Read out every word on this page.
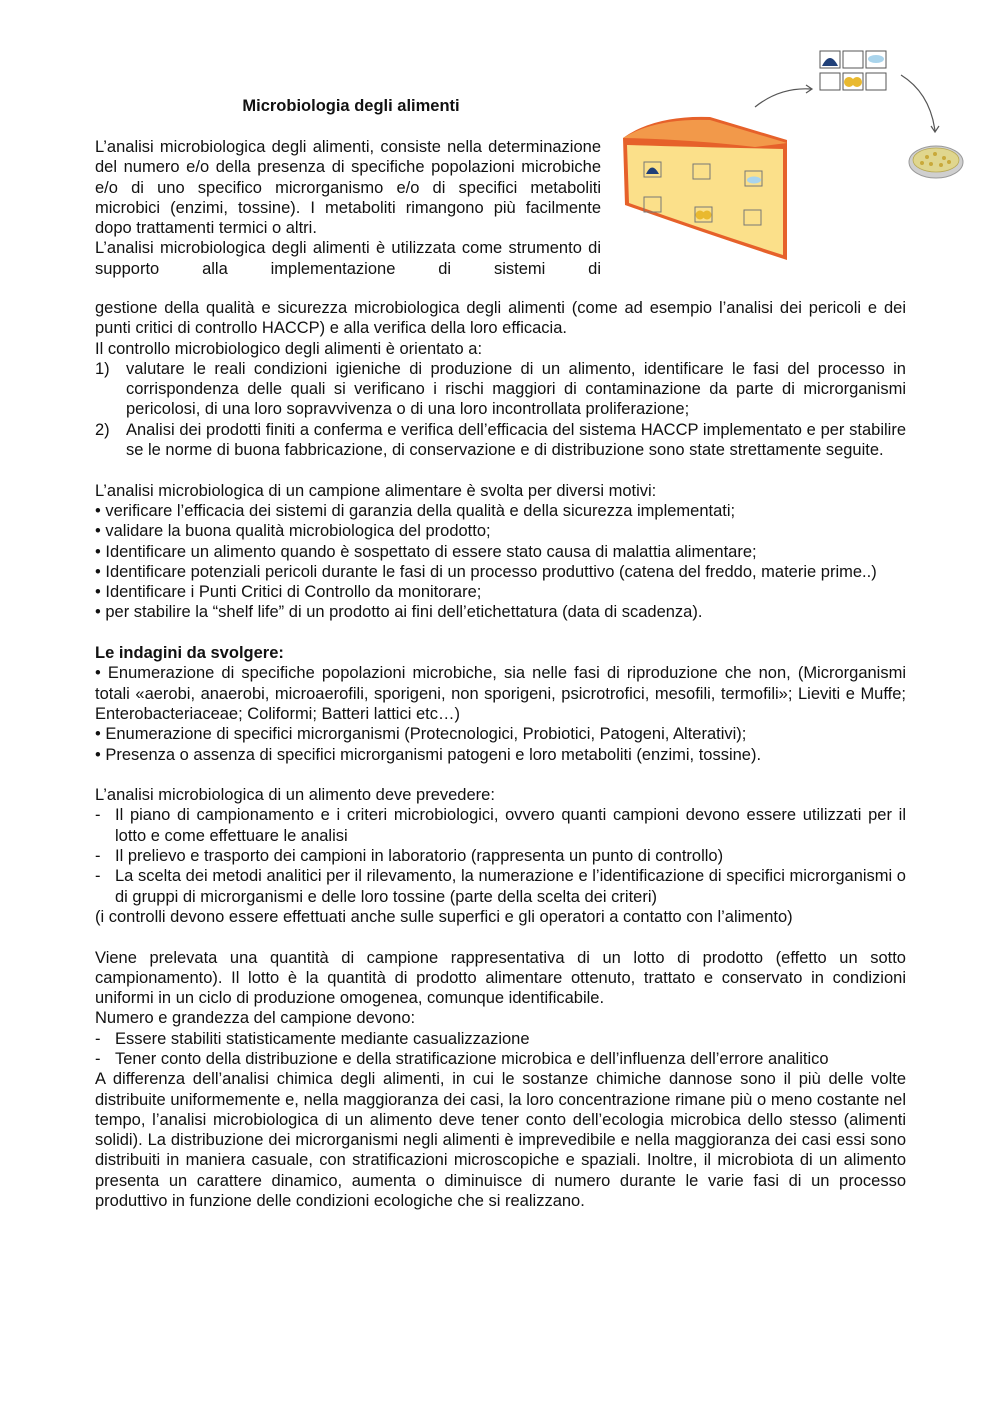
Microbiologia degli alimenti

L’analisi microbiologica degli alimenti, consiste nella determinazione del numero e/o della presenza di specifiche popolazioni microbiche e/o di uno specifico microrganismo e/o di specifici metaboliti microbici (enzimi, tossine). I metaboliti rimangono più facilmente dopo trattamenti termici o altri.

L’analisi microbiologica degli alimenti è utilizzata come strumento di supporto alla implementazione di sistemi di

gestione della qualità e sicurezza microbiologica degli alimenti (come ad esempio l’analisi dei pericoli e dei punti critici di controllo HACCP) e alla verifica della loro efficacia.

Il controllo microbiologico degli alimenti è orientato a:

1) valutare le reali condizioni igieniche di produzione di un alimento, identificare le fasi del processo in corrispondenza delle quali si verificano i rischi maggiori di contaminazione da parte di microrganismi pericolosi, di una loro sopravvivenza o di una loro incontrollata proliferazione;
2) Analisi dei prodotti finiti a conferma e verifica dell’efficacia del sistema HACCP implementato e per stabilire se le norme di buona fabbricazione, di conservazione e di distribuzione sono state strettamente seguite.

L’analisi microbiologica di un campione alimentare è svolta per diversi motivi:

• verificare l’efficacia dei sistemi di garanzia della qualità e della sicurezza implementati;

• validare la buona qualità microbiologica del prodotto;

• Identificare un alimento quando è sospettato di essere stato causa di malattia alimentare;

• Identificare potenziali pericoli durante le fasi di un processo produttivo (catena del freddo, materie prime..)

• Identificare i Punti Critici di Controllo da monitorare;

• per stabilire la “shelf life” di un prodotto ai fini dell’etichettatura (data di scadenza).

Le indagini da svolgere:

• Enumerazione di specifiche popolazioni microbiche, sia nelle fasi di riproduzione che non, (Microrganismi totali «aerobi, anaerobi, microaerofili, sporigeni, non sporigeni, psicrotrofici, mesofili, termofili»; Lieviti e Muffe; Enterobacteriaceae; Coliformi; Batteri lattici etc…)

• Enumerazione di specifici microrganismi (Protecnologici, Probiotici, Patogeni, Alterativi);

• Presenza o assenza di specifici microrganismi patogeni e loro metaboliti (enzimi, tossine).

L’analisi microbiologica di un alimento deve prevedere:

- Il piano di campionamento e i criteri microbiologici, ovvero quanti campioni devono essere utilizzati per il lotto e come effettuare le analisi
- Il prelievo e trasporto dei campioni in laboratorio (rappresenta un punto di controllo)
- La scelta dei metodi analitici per il rilevamento, la numerazione e l’identificazione di specifici microrganismi o di gruppi di microrganismi e delle loro tossine (parte della scelta dei criteri)

(i controlli devono essere effettuati anche sulle superfici e gli operatori a contatto con l’alimento)

Viene prelevata una quantità di campione rappresentativa di un lotto di prodotto (effetto un sotto campionamento). Il lotto è la quantità di prodotto alimentare ottenuto, trattato e conservato in condizioni uniformi in un ciclo di produzione omogenea, comunque identificabile.

Numero e grandezza del campione devono:

- Essere stabiliti statisticamente mediante casualizzazione
- Tener conto della distribuzione e della stratificazione microbica e dell’influenza dell’errore analitico

A differenza dell’analisi chimica degli alimenti, in cui le sostanze chimiche dannose sono il più delle volte distribuite uniformemente e, nella maggioranza dei casi, la loro concentrazione rimane più o meno costante nel tempo, l’analisi microbiologica di un alimento deve tener conto dell’ecologia microbica dello stesso (alimenti solidi). La distribuzione dei microrganismi negli alimenti è imprevedibile e nella maggioranza dei casi essi sono distribuiti in maniera casuale, con stratificazioni microscopiche e spaziali. Inoltre, il microbiota di un alimento presenta un carattere dinamico, aumenta o diminuisce di numero durante le varie fasi di un processo produttivo in funzione delle condizioni ecologiche che si realizzano.
